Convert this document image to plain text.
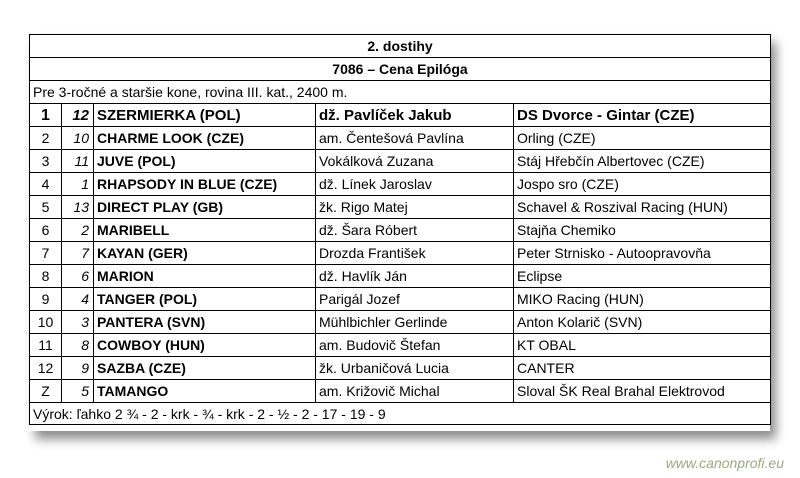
2. dostihy				
7086 – Cena Epilóga				
Pre 3-ročné a staršie kone, rovina III. kat., 2400 m.				
1	12	SZERMIERKA (POL)	dž. Pavlíček Jakub	DS Dvorce - Gintar (CZE)
2	10	CHARME LOOK (CZE)	am. Čentešová Pavlína	Orling (CZE)
3	11	JUVE (POL)	Vokálková Zuzana	Stáj Hřebčín Albertovec (CZE)
4	1	RHAPSODY IN BLUE (CZE)	dž. Línek Jaroslav	Jospo sro (CZE)
5	13	DIRECT PLAY (GB)	žk. Rigo Matej	Schavel & Roszival Racing (HUN)
6	2	MARIBELL	dž. Šara Róbert	Stajňa Chemiko
7	7	KAYAN (GER)	Drozda František	Peter Strnisko - Autoopravovňa
8	6	MARION	dž. Havlík Ján	Eclipse
9	4	TANGER (POL)	Parigál Jozef	MIKO Racing (HUN)
10	3	PANTERA (SVN)	Mühlbichler Gerlinde	Anton Kolarič (SVN)
11	8	COWBOY (HUN)	am. Budovič Štefan	KT OBAL
12	9	SAZBA (CZE)	žk. Urbaničová Lucia	CANTER
Z	5	TAMANGO	am. Križovič Michal	Sloval ŠK Real Brahal Elektrovod
Výrok: ľahko 2 ¾ - 2 - krk - ¾ - krk - 2 - ½ - 2 - 17 - 19 - 9				
www.canonprofi.eu
